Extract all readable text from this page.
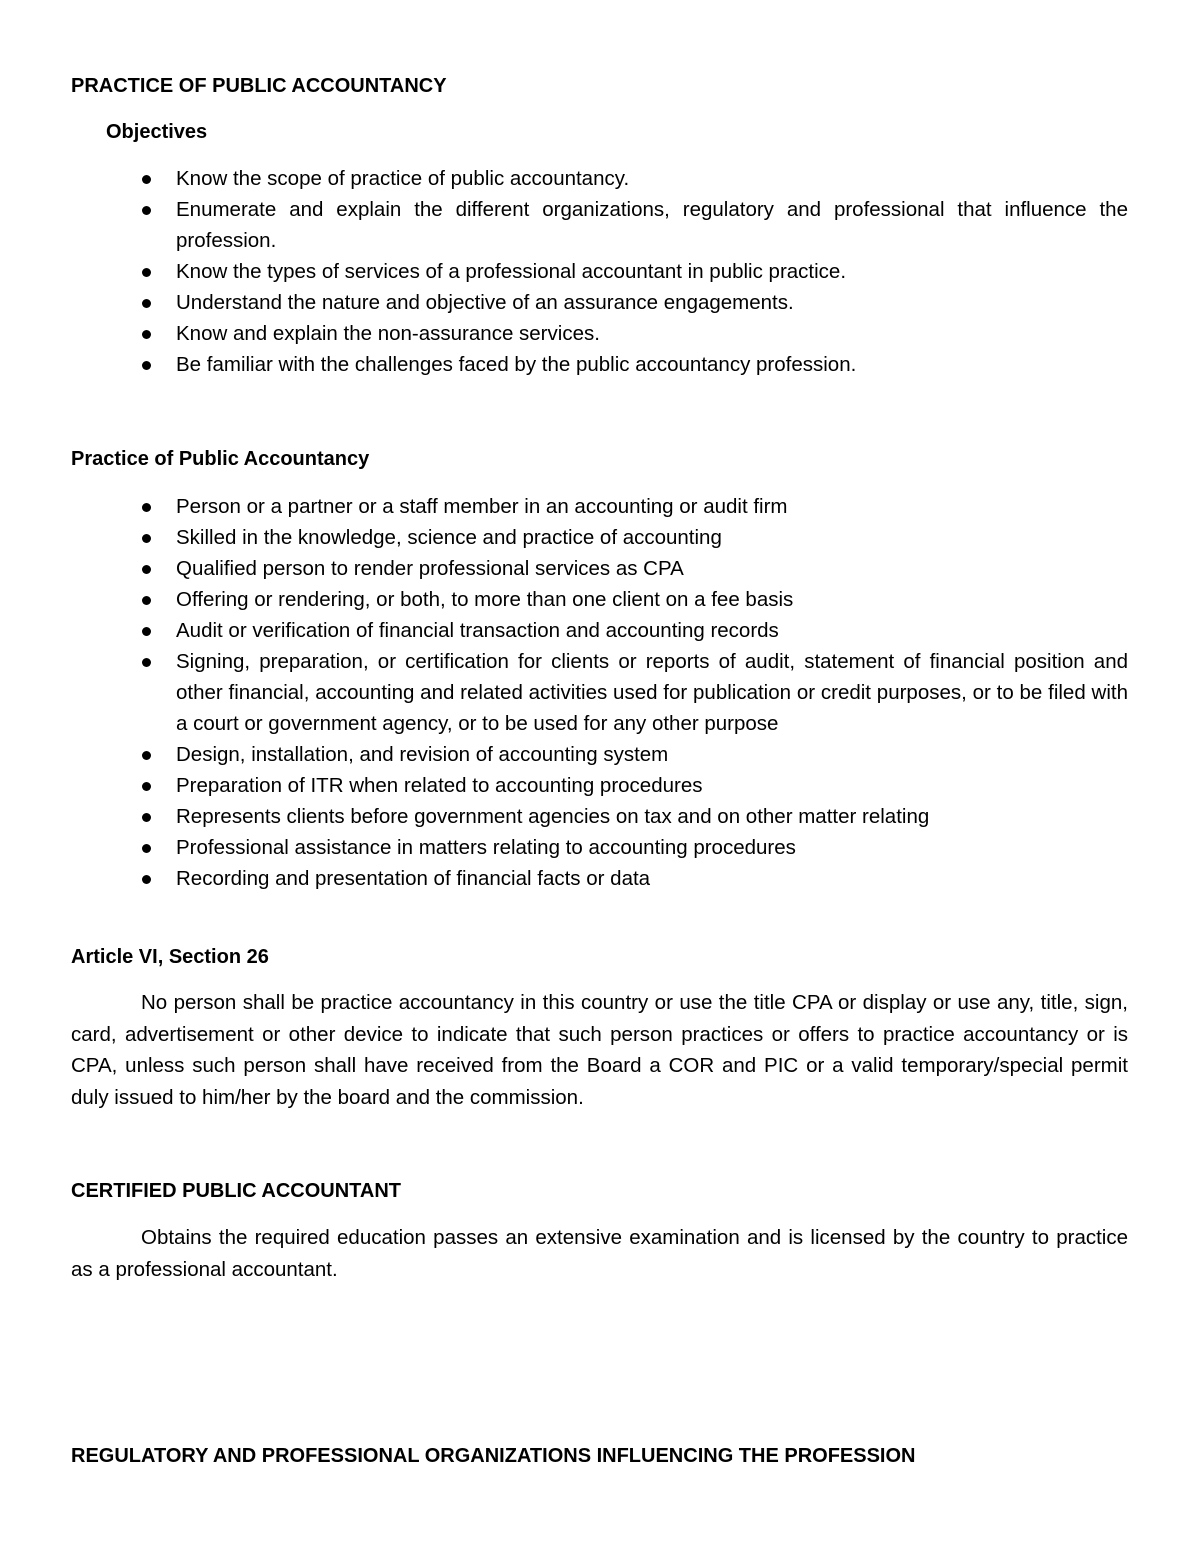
PRACTICE OF PUBLIC ACCOUNTANCY
Objectives
Know the scope of practice of public accountancy.
Enumerate and explain the different organizations, regulatory and professional that influence the profession.
Know the types of services of a professional accountant in public practice.
Understand the nature and objective of an assurance engagements.
Know and explain the non-assurance services.
Be familiar with the challenges faced by the public accountancy profession.
Practice of Public Accountancy
Person or a partner or a staff member in an accounting or audit firm
Skilled in the knowledge, science and practice of accounting
Qualified person to render professional services as CPA
Offering or rendering, or both, to more than one client on a fee basis
Audit or verification of financial transaction and accounting records
Signing, preparation, or certification for clients or reports of audit, statement of financial position and other financial, accounting and related activities used for publication or credit purposes, or to be filed with a court or government agency, or to be used for any other purpose
Design, installation, and revision of accounting system
Preparation of ITR when related to accounting procedures
Represents clients before government agencies on tax and on other matter relating
Professional assistance in matters relating to accounting procedures
Recording and presentation of financial facts or data
Article VI, Section 26

No person shall be practice accountancy in this country or use the title CPA or display or use any, title, sign, card, advertisement or other device to indicate that such person practices or offers to practice accountancy or is CPA, unless such person shall have received from the Board a COR and PIC or a valid temporary/special permit duly issued to him/her by the board and the commission.

CERTIFIED PUBLIC ACCOUNTANT

Obtains the required education passes an extensive examination and is licensed by the country to practice as a professional accountant.

REGULATORY AND PROFESSIONAL ORGANIZATIONS INFLUENCING THE PROFESSION
